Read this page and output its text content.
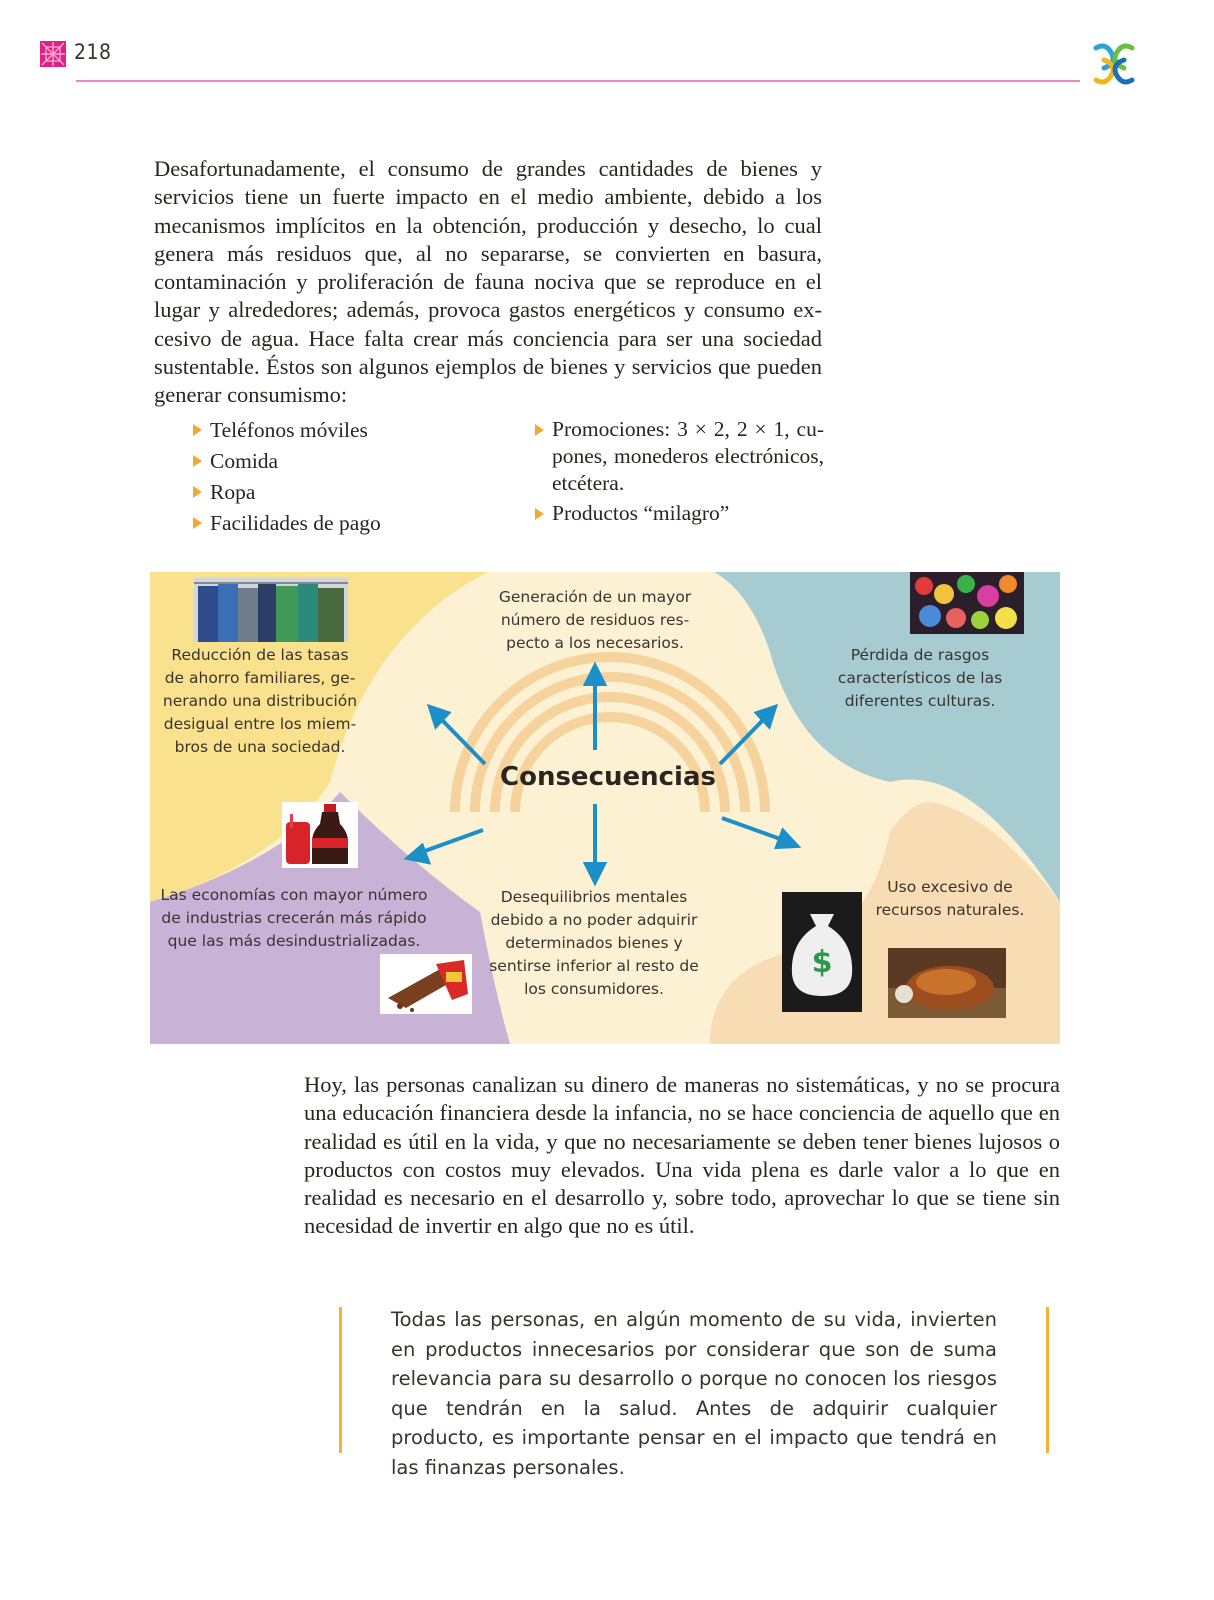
218
Desafortunadamente, el consumo de grandes cantidades de bienes y servicios tiene un fuerte impacto en el medio ambiente, debido a los mecanismos implícitos en la obtención, producción y desecho, lo cual genera más residuos que, al no separarse, se convierten en basura, contaminación y proliferación de fauna nociva que se reproduce en el lugar y alrededores; además, provoca gastos energéticos y consumo excesivo de agua. Hace falta crear más conciencia para ser una sociedad sustentable. Éstos son algunos ejemplos de bienes y servicios que pueden generar consumismo:
Teléfonos móviles
Comida
Ropa
Facilidades de pago
Promociones: 3 × 2, 2 × 1, cupones, monederos electrónicos, etcétera.
Productos “milagro”
Consecuencias
Generación de un mayor número de residuos respecto a los necesarios.
Reducción de las tasas de ahorro familiares, generando una distribución desigual entre los miembros de una sociedad.
Pérdida de rasgos característicos de las diferentes culturas.
Las economías con mayor número de industrias crecerán más rápido que las más desindustrializadas.
Desequilibrios mentales debido a no poder adquirir determinados bienes y sentirse inferior al resto de los consumidores.
Uso excesivo de recursos naturales.
$
Hoy, las personas canalizan su dinero de maneras no sistemáticas, y no se procura una educación financiera desde la infancia, no se hace conciencia de aquello que en realidad es útil en la vida, y que no necesariamente se deben tener bienes lujosos o productos con costos muy elevados. Una vida plena es darle valor a lo que en realidad es necesario en el desarrollo y, sobre todo, aprovechar lo que se tiene sin necesidad de invertir en algo que no es útil.
Todas las personas, en algún momento de su vida, invierten en productos innecesarios por considerar que son de suma relevancia para su desarrollo o porque no conocen los riesgos que tendrán en la salud. Antes de adquirir cualquier producto, es importante pensar en el impacto que tendrá en las finanzas personales.
